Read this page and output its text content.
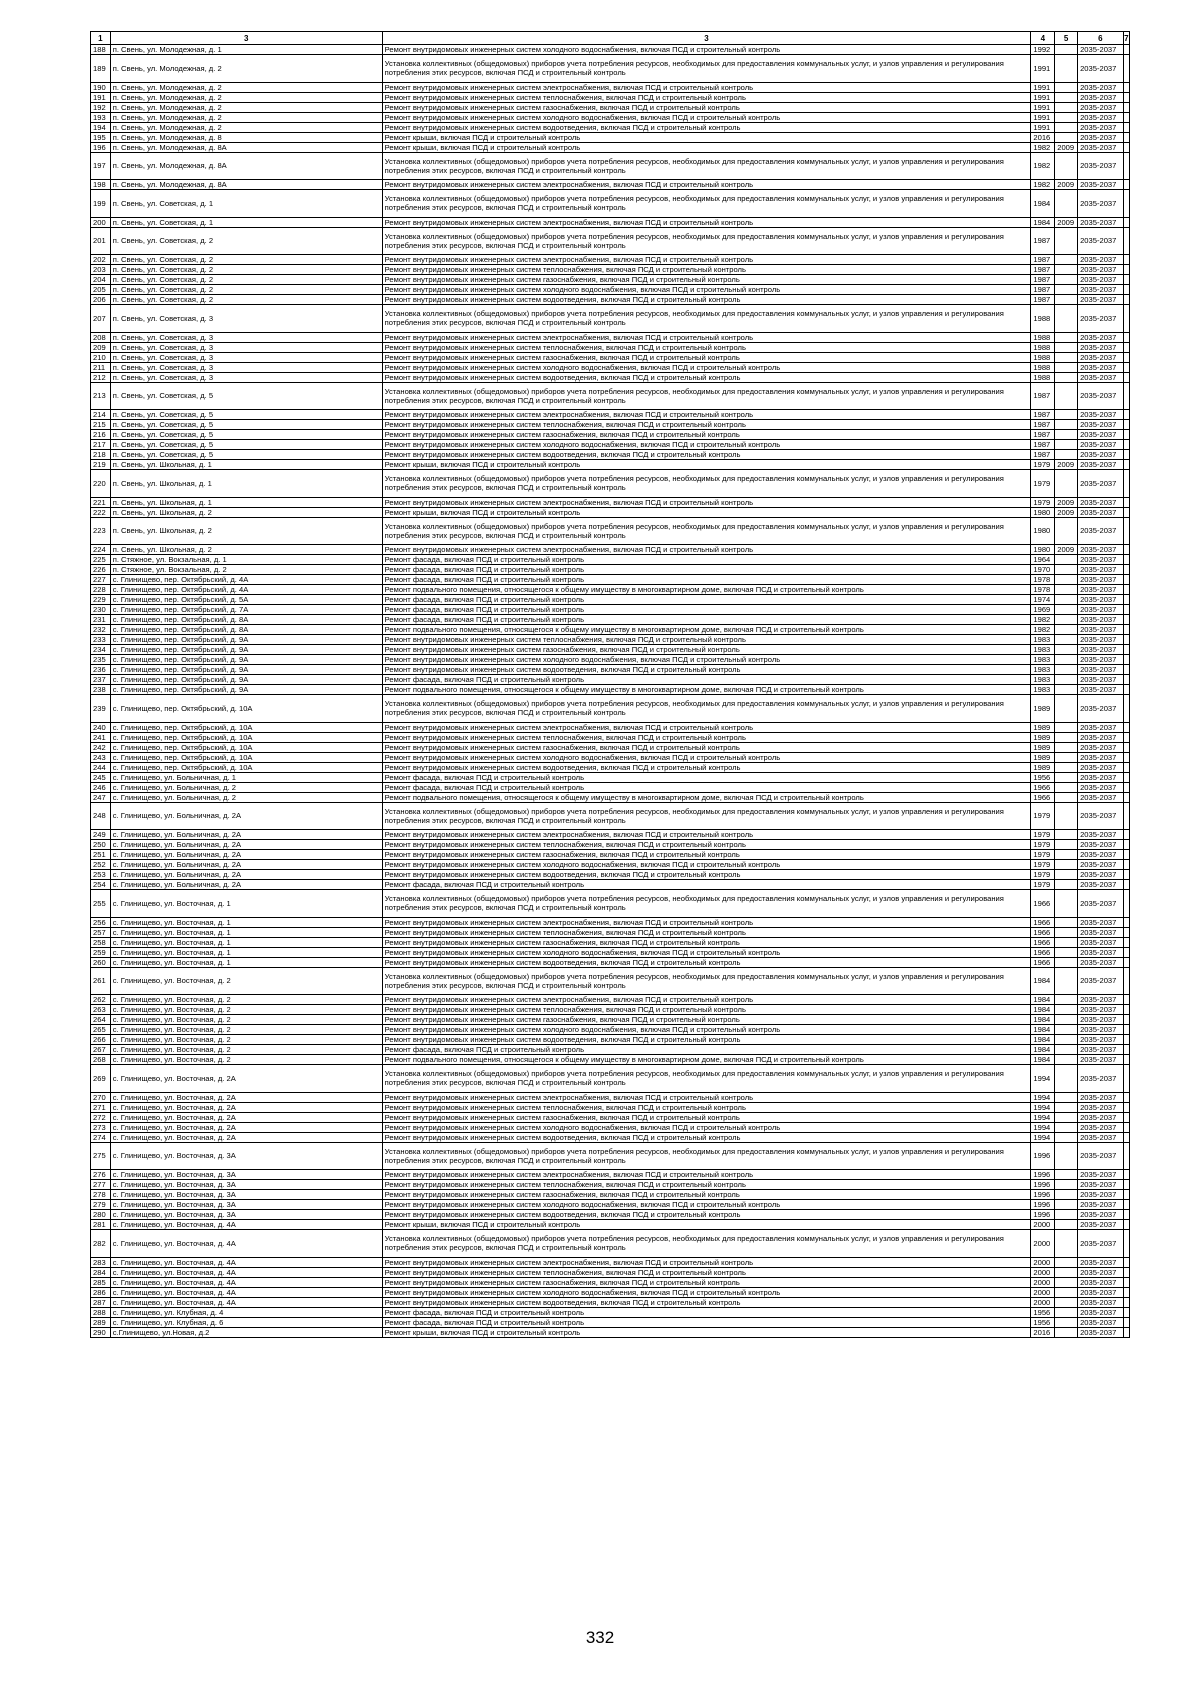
1	3	3	4	5	6	7
188	п. Свень, ул. Молодежная, д. 1	Ремонт внутридомовых инженерных систем холодного водоснабжения, включая ПСД и строительный контроль	1992		2035-2037	
189	п. Свень, ул. Молодежная, д. 2	Установка коллективных (общедомовых) приборов учета потребления ресурсов, необходимых для предоставления коммунальных услуг, и узлов управления и регулирования потребления этих ресурсов, включая ПСД и строительный контроль	1991		2035-2037	
190	п. Свень, ул. Молодежная, д. 2	Ремонт внутридомовых инженерных систем электроснабжения, включая ПСД и строительный контроль	1991		2035-2037	
191	п. Свень, ул. Молодежная, д. 2	Ремонт внутридомовых инженерных систем теплоснабжения, включая ПСД и строительный контроль	1991		2035-2037	
192	п. Свень, ул. Молодежная, д. 2	Ремонт внутридомовых инженерных систем газоснабжения, включая ПСД и строительный контроль	1991		2035-2037	
193	п. Свень, ул. Молодежная, д. 2	Ремонт внутридомовых инженерных систем холодного водоснабжения, включая ПСД и строительный контроль	1991		2035-2037	
194	п. Свень, ул. Молодежная, д. 2	Ремонт внутридомовых инженерных систем водоотведения, включая ПСД и строительный контроль	1991		2035-2037	
195	п. Свень, ул. Молодежная, д. 8	Ремонт крыши, включая ПСД и строительный контроль	2016		2035-2037	
196	п. Свень, ул. Молодежная, д. 8А	Ремонт крыши, включая ПСД и строительный контроль	1982	2009	2035-2037	
197	п. Свень, ул. Молодежная, д. 8А	Установка коллективных (общедомовых) приборов учета потребления ресурсов, необходимых для предоставления коммунальных услуг, и узлов управления и регулирования потребления этих ресурсов, включая ПСД и строительный контроль	1982		2035-2037	
198	п. Свень, ул. Молодежная, д. 8А	Ремонт внутридомовых инженерных систем электроснабжения, включая ПСД и строительный контроль	1982	2009	2035-2037	
199	п. Свень, ул. Советская, д. 1	Установка коллективных (общедомовых) приборов учета потребления ресурсов, необходимых для предоставления коммунальных услуг, и узлов управления и регулирования потребления этих ресурсов, включая ПСД и строительный контроль	1984		2035-2037	
200	п. Свень, ул. Советская, д. 1	Ремонт внутридомовых инженерных систем электроснабжения, включая ПСД и строительный контроль	1984	2009	2035-2037	
201	п. Свень, ул. Советская, д. 2	Установка коллективных (общедомовых) приборов учета потребления ресурсов, необходимых для предоставления коммунальных услуг, и узлов управления и регулирования потребления этих ресурсов, включая ПСД и строительный контроль	1987		2035-2037	
202	п. Свень, ул. Советская, д. 2	Ремонт внутридомовых инженерных систем электроснабжения, включая ПСД и строительный контроль	1987		2035-2037	
203	п. Свень, ул. Советская, д. 2	Ремонт внутридомовых инженерных систем теплоснабжения, включая ПСД и строительный контроль	1987		2035-2037	
204	п. Свень, ул. Советская, д. 2	Ремонт внутридомовых инженерных систем газоснабжения, включая ПСД и строительный контроль	1987		2035-2037	
205	п. Свень, ул. Советская, д. 2	Ремонт внутридомовых инженерных систем холодного водоснабжения, включая ПСД и строительный контроль	1987		2035-2037	
206	п. Свень, ул. Советская, д. 2	Ремонт внутридомовых инженерных систем водоотведения, включая ПСД и строительный контроль	1987		2035-2037	
207	п. Свень, ул. Советская, д. 3	Установка коллективных (общедомовых) приборов учета потребления ресурсов, необходимых для предоставления коммунальных услуг, и узлов управления и регулирования потребления этих ресурсов, включая ПСД и строительный контроль	1988		2035-2037	
208	п. Свень, ул. Советская, д. 3	Ремонт внутридомовых инженерных систем электроснабжения, включая ПСД и строительный контроль	1988		2035-2037	
209	п. Свень, ул. Советская, д. 3	Ремонт внутридомовых инженерных систем теплоснабжения, включая ПСД и строительный контроль	1988		2035-2037	
210	п. Свень, ул. Советская, д. 3	Ремонт внутридомовых инженерных систем газоснабжения, включая ПСД и строительный контроль	1988		2035-2037	
211	п. Свень, ул. Советская, д. 3	Ремонт внутридомовых инженерных систем холодного водоснабжения, включая ПСД и строительный контроль	1988		2035-2037	
212	п. Свень, ул. Советская, д. 3	Ремонт внутридомовых инженерных систем водоотведения, включая ПСД и строительный контроль	1988		2035-2037	
213	п. Свень, ул. Советская, д. 5	Установка коллективных (общедомовых) приборов учета потребления ресурсов, необходимых для предоставления коммунальных услуг, и узлов управления и регулирования потребления этих ресурсов, включая ПСД и строительный контроль	1987		2035-2037	
214	п. Свень, ул. Советская, д. 5	Ремонт внутридомовых инженерных систем электроснабжения, включая ПСД и строительный контроль	1987		2035-2037	
215	п. Свень, ул. Советская, д. 5	Ремонт внутридомовых инженерных систем теплоснабжения, включая ПСД и строительный контроль	1987		2035-2037	
216	п. Свень, ул. Советская, д. 5	Ремонт внутридомовых инженерных систем газоснабжения, включая ПСД и строительный контроль	1987		2035-2037	
217	п. Свень, ул. Советская, д. 5	Ремонт внутридомовых инженерных систем холодного водоснабжения, включая ПСД и строительный контроль	1987		2035-2037	
218	п. Свень, ул. Советская, д. 5	Ремонт внутридомовых инженерных систем водоотведения, включая ПСД и строительный контроль	1987		2035-2037	
219	п. Свень, ул. Школьная, д. 1	Ремонт крыши, включая ПСД и строительный контроль	1979	2009	2035-2037	
220	п. Свень, ул. Школьная, д. 1	Установка коллективных (общедомовых) приборов учета потребления ресурсов, необходимых для предоставления коммунальных услуг, и узлов управления и регулирования потребления этих ресурсов, включая ПСД и строительный контроль	1979		2035-2037	
221	п. Свень, ул. Школьная, д. 1	Ремонт внутридомовых инженерных систем электроснабжения, включая ПСД и строительный контроль	1979	2009	2035-2037	
222	п. Свень, ул. Школьная, д. 2	Ремонт крыши, включая ПСД и строительный контроль	1980	2009	2035-2037	
223	п. Свень, ул. Школьная, д. 2	Установка коллективных (общедомовых) приборов учета потребления ресурсов, необходимых для предоставления коммунальных услуг, и узлов управления и регулирования потребления этих ресурсов, включая ПСД и строительный контроль	1980		2035-2037	
224	п. Свень, ул. Школьная, д. 2	Ремонт внутридомовых инженерных систем электроснабжения, включая ПСД и строительный контроль	1980	2009	2035-2037	
225	п. Стяжное, ул. Вокзальная, д. 1	Ремонт фасада, включая ПСД и строительный контроль	1964		2035-2037	
226	п. Стяжное, ул. Вокзальная, д. 2	Ремонт фасада, включая ПСД и строительный контроль	1970		2035-2037	
227	с. Глинищево, пер. Октябрьский, д. 4А	Ремонт фасада, включая ПСД и строительный контроль	1978		2035-2037	
228	с. Глинищево, пер. Октябрьский, д. 4А	Ремонт подвального помещения, относящегося к общему имуществу в многоквартирном доме, включая ПСД и строительный контроль	1978		2035-2037	
229	с. Глинищево, пер. Октябрьский, д. 5А	Ремонт фасада, включая ПСД и строительный контроль	1974		2035-2037	
230	с. Глинищево, пер. Октябрьский, д. 7А	Ремонт фасада, включая ПСД и строительный контроль	1969		2035-2037	
231	с. Глинищево, пер. Октябрьский, д. 8А	Ремонт фасада, включая ПСД и строительный контроль	1982		2035-2037	
232	с. Глинищево, пер. Октябрьский, д. 8А	Ремонт подвального помещения, относящегося к общему имуществу в многоквартирном доме, включая ПСД и строительный контроль	1982		2035-2037	
233	с. Глинищево, пер. Октябрьский, д. 9А	Ремонт внутридомовых инженерных систем теплоснабжения, включая ПСД и строительный контроль	1983		2035-2037	
234	с. Глинищево, пер. Октябрьский, д. 9А	Ремонт внутридомовых инженерных систем газоснабжения, включая ПСД и строительный контроль	1983		2035-2037	
235	с. Глинищево, пер. Октябрьский, д. 9А	Ремонт внутридомовых инженерных систем холодного водоснабжения, включая ПСД и строительный контроль	1983		2035-2037	
236	с. Глинищево, пер. Октябрьский, д. 9А	Ремонт внутридомовых инженерных систем водоотведения, включая ПСД и строительный контроль	1983		2035-2037	
237	с. Глинищево, пер. Октябрьский, д. 9А	Ремонт фасада, включая ПСД и строительный контроль	1983		2035-2037	
238	с. Глинищево, пер. Октябрьский, д. 9А	Ремонт подвального помещения, относящегося к общему имуществу в многоквартирном доме, включая ПСД и строительный контроль	1983		2035-2037	
239	с. Глинищево, пер. Октябрьский, д. 10А	Установка коллективных (общедомовых) приборов учета потребления ресурсов, необходимых для предоставления коммунальных услуг, и узлов управления и регулирования потребления этих ресурсов, включая ПСД и строительный контроль	1989		2035-2037	
240	с. Глинищево, пер. Октябрьский, д. 10А	Ремонт внутридомовых инженерных систем электроснабжения, включая ПСД и строительный контроль	1989		2035-2037	
241	с. Глинищево, пер. Октябрьский, д. 10А	Ремонт внутридомовых инженерных систем теплоснабжения, включая ПСД и строительный контроль	1989		2035-2037	
242	с. Глинищево, пер. Октябрьский, д. 10А	Ремонт внутридомовых инженерных систем газоснабжения, включая ПСД и строительный контроль	1989		2035-2037	
243	с. Глинищево, пер. Октябрьский, д. 10А	Ремонт внутридомовых инженерных систем холодного водоснабжения, включая ПСД и строительный контроль	1989		2035-2037	
244	с. Глинищево, пер. Октябрьский, д. 10А	Ремонт внутридомовых инженерных систем водоотведения, включая ПСД и строительный контроль	1989		2035-2037	
245	с. Глинищево, ул. Больничная, д. 1	Ремонт фасада, включая ПСД и строительный контроль	1956		2035-2037	
246	с. Глинищево, ул. Больничная, д. 2	Ремонт фасада, включая ПСД и строительный контроль	1966		2035-2037	
247	с. Глинищево, ул. Больничная, д. 2	Ремонт подвального помещения, относящегося к общему имуществу в многоквартирном доме, включая ПСД и строительный контроль	1966		2035-2037	
248	с. Глинищево, ул. Больничная, д. 2А	Установка коллективных (общедомовых) приборов учета потребления ресурсов, необходимых для предоставления коммунальных услуг, и узлов управления и регулирования потребления этих ресурсов, включая ПСД и строительный контроль	1979		2035-2037	
249	с. Глинищево, ул. Больничная, д. 2А	Ремонт внутридомовых инженерных систем электроснабжения, включая ПСД и строительный контроль	1979		2035-2037	
250	с. Глинищево, ул. Больничная, д. 2А	Ремонт внутридомовых инженерных систем теплоснабжения, включая ПСД и строительный контроль	1979		2035-2037	
251	с. Глинищево, ул. Больничная, д. 2А	Ремонт внутридомовых инженерных систем газоснабжения, включая ПСД и строительный контроль	1979		2035-2037	
252	с. Глинищево, ул. Больничная, д. 2А	Ремонт внутридомовых инженерных систем холодного водоснабжения, включая ПСД и строительный контроль	1979		2035-2037	
253	с. Глинищево, ул. Больничная, д. 2А	Ремонт внутридомовых инженерных систем водоотведения, включая ПСД и строительный контроль	1979		2035-2037	
254	с. Глинищево, ул. Больничная, д. 2А	Ремонт фасада, включая ПСД и строительный контроль	1979		2035-2037	
255	с. Глинищево, ул. Восточная, д. 1	Установка коллективных (общедомовых) приборов учета потребления ресурсов, необходимых для предоставления коммунальных услуг, и узлов управления и регулирования потребления этих ресурсов, включая ПСД и строительный контроль	1966		2035-2037	
256	с. Глинищево, ул. Восточная, д. 1	Ремонт внутридомовых инженерных систем электроснабжения, включая ПСД и строительный контроль	1966		2035-2037	
257	с. Глинищево, ул. Восточная, д. 1	Ремонт внутридомовых инженерных систем теплоснабжения, включая ПСД и строительный контроль	1966		2035-2037	
258	с. Глинищево, ул. Восточная, д. 1	Ремонт внутридомовых инженерных систем газоснабжения, включая ПСД и строительный контроль	1966		2035-2037	
259	с. Глинищево, ул. Восточная, д. 1	Ремонт внутридомовых инженерных систем холодного водоснабжения, включая ПСД и строительный контроль	1966		2035-2037	
260	с. Глинищево, ул. Восточная, д. 1	Ремонт внутридомовых инженерных систем водоотведения, включая ПСД и строительный контроль	1966		2035-2037	
261	с. Глинищево, ул. Восточная, д. 2	Установка коллективных (общедомовых) приборов учета потребления ресурсов, необходимых для предоставления коммунальных услуг, и узлов управления и регулирования потребления этих ресурсов, включая ПСД и строительный контроль	1984		2035-2037	
262	с. Глинищево, ул. Восточная, д. 2	Ремонт внутридомовых инженерных систем электроснабжения, включая ПСД и строительный контроль	1984		2035-2037	
263	с. Глинищево, ул. Восточная, д. 2	Ремонт внутридомовых инженерных систем теплоснабжения, включая ПСД и строительный контроль	1984		2035-2037	
264	с. Глинищево, ул. Восточная, д. 2	Ремонт внутридомовых инженерных систем газоснабжения, включая ПСД и строительный контроль	1984		2035-2037	
265	с. Глинищево, ул. Восточная, д. 2	Ремонт внутридомовых инженерных систем холодного водоснабжения, включая ПСД и строительный контроль	1984		2035-2037	
266	с. Глинищево, ул. Восточная, д. 2	Ремонт внутридомовых инженерных систем водоотведения, включая ПСД и строительный контроль	1984		2035-2037	
267	с. Глинищево, ул. Восточная, д. 2	Ремонт фасада, включая ПСД и строительный контроль	1984		2035-2037	
268	с. Глинищево, ул. Восточная, д. 2	Ремонт подвального помещения, относящегося к общему имуществу в многоквартирном доме, включая ПСД и строительный контроль	1984		2035-2037	
269	с. Глинищево, ул. Восточная, д. 2А	Установка коллективных (общедомовых) приборов учета потребления ресурсов, необходимых для предоставления коммунальных услуг, и узлов управления и регулирования потребления этих ресурсов, включая ПСД и строительный контроль	1994		2035-2037	
270	с. Глинищево, ул. Восточная, д. 2А	Ремонт внутридомовых инженерных систем электроснабжения, включая ПСД и строительный контроль	1994		2035-2037	
271	с. Глинищево, ул. Восточная, д. 2А	Ремонт внутридомовых инженерных систем теплоснабжения, включая ПСД и строительный контроль	1994		2035-2037	
272	с. Глинищево, ул. Восточная, д. 2А	Ремонт внутридомовых инженерных систем газоснабжения, включая ПСД и строительный контроль	1994		2035-2037	
273	с. Глинищево, ул. Восточная, д. 2А	Ремонт внутридомовых инженерных систем холодного водоснабжения, включая ПСД и строительный контроль	1994		2035-2037	
274	с. Глинищево, ул. Восточная, д. 2А	Ремонт внутридомовых инженерных систем водоотведения, включая ПСД и строительный контроль	1994		2035-2037	
275	с. Глинищево, ул. Восточная, д. 3А	Установка коллективных (общедомовых) приборов учета потребления ресурсов, необходимых для предоставления коммунальных услуг, и узлов управления и регулирования потребления этих ресурсов, включая ПСД и строительный контроль	1996		2035-2037	
276	с. Глинищево, ул. Восточная, д. 3А	Ремонт внутридомовых инженерных систем электроснабжения, включая ПСД и строительный контроль	1996		2035-2037	
277	с. Глинищево, ул. Восточная, д. 3А	Ремонт внутридомовых инженерных систем теплоснабжения, включая ПСД и строительный контроль	1996		2035-2037	
278	с. Глинищево, ул. Восточная, д. 3А	Ремонт внутридомовых инженерных систем газоснабжения, включая ПСД и строительный контроль	1996		2035-2037	
279	с. Глинищево, ул. Восточная, д. 3А	Ремонт внутридомовых инженерных систем холодного водоснабжения, включая ПСД и строительный контроль	1996		2035-2037	
280	с. Глинищево, ул. Восточная, д. 3А	Ремонт внутридомовых инженерных систем водоотведения, включая ПСД и строительный контроль	1996		2035-2037	
281	с. Глинищево, ул. Восточная, д. 4А	Ремонт крыши, включая ПСД и строительный контроль	2000		2035-2037	
282	с. Глинищево, ул. Восточная, д. 4А	Установка коллективных (общедомовых) приборов учета потребления ресурсов, необходимых для предоставления коммунальных услуг, и узлов управления и регулирования потребления этих ресурсов, включая ПСД и строительный контроль	2000		2035-2037	
283	с. Глинищево, ул. Восточная, д. 4А	Ремонт внутридомовых инженерных систем электроснабжения, включая ПСД и строительный контроль	2000		2035-2037	
284	с. Глинищево, ул. Восточная, д. 4А	Ремонт внутридомовых инженерных систем теплоснабжения, включая ПСД и строительный контроль	2000		2035-2037	
285	с. Глинищево, ул. Восточная, д. 4А	Ремонт внутридомовых инженерных систем газоснабжения, включая ПСД и строительный контроль	2000		2035-2037	
286	с. Глинищево, ул. Восточная, д. 4А	Ремонт внутридомовых инженерных систем холодного водоснабжения, включая ПСД и строительный контроль	2000		2035-2037	
287	с. Глинищево, ул. Восточная, д. 4А	Ремонт внутридомовых инженерных систем водоотведения, включая ПСД и строительный контроль	2000		2035-2037	
288	с. Глинищево, ул. Клубная, д. 4	Ремонт фасада, включая ПСД и строительный контроль	1956		2035-2037	
289	с. Глинищево, ул. Клубная, д. 6	Ремонт фасада, включая ПСД и строительный контроль	1956		2035-2037	
290	с.Глинищево, ул.Новая, д.2	Ремонт крыши, включая ПСД и строительный контроль	2016		2035-2037	
332
